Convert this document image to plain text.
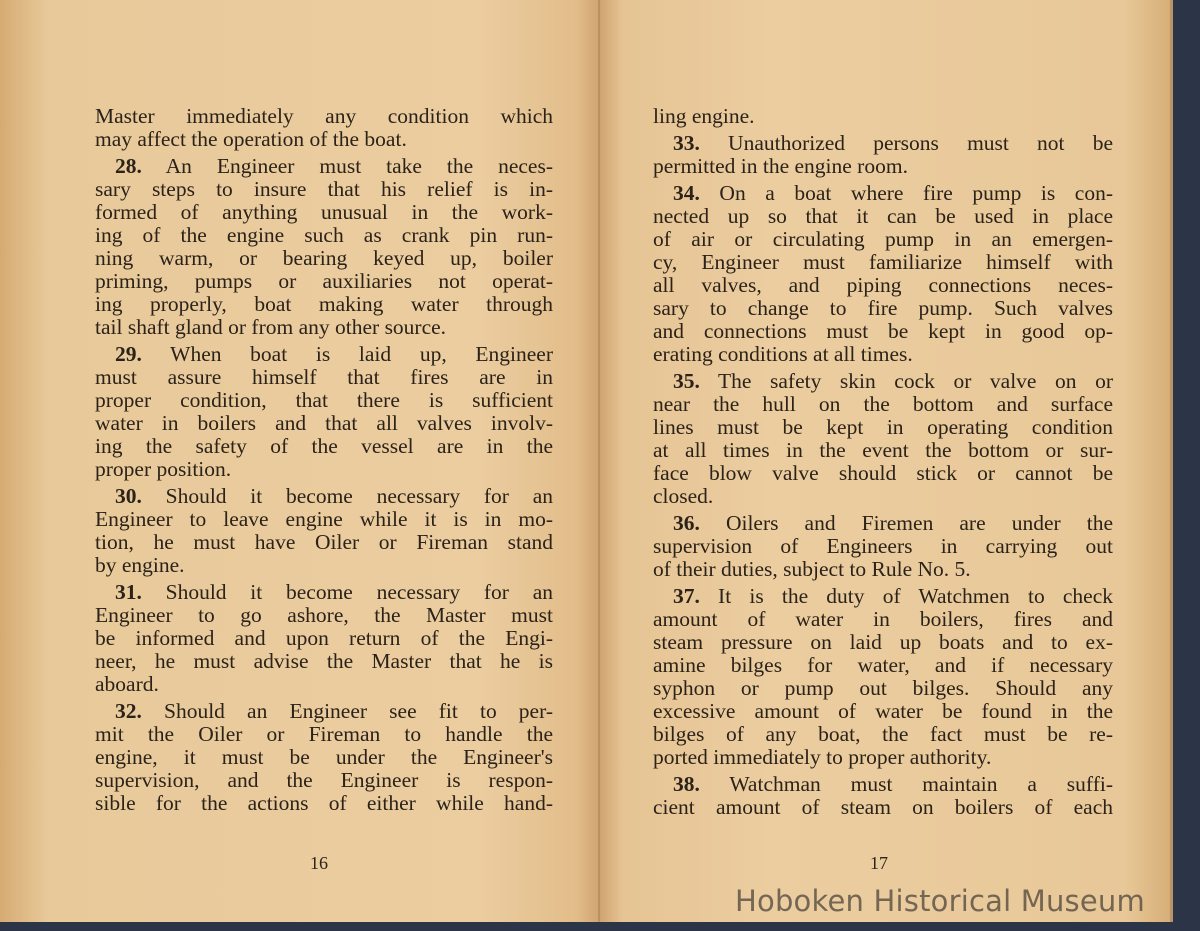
Master immediately any condition which
may affect the operation of the boat.
28. An Engineer must take the neces-
sary steps to insure that his relief is in-
formed of anything unusual in the work-
ing of the engine such as crank pin run-
ning warm, or bearing keyed up, boiler
priming, pumps or auxiliaries not operat-
ing properly, boat making water through
tail shaft gland or from any other source.
29. When boat is laid up, Engineer
must assure himself that fires are in
proper condition, that there is sufficient
water in boilers and that all valves involv-
ing the safety of the vessel are in the
proper position.
30. Should it become necessary for an
Engineer to leave engine while it is in mo-
tion, he must have Oiler or Fireman stand
by engine.
31. Should it become necessary for an
Engineer to go ashore, the Master must
be informed and upon return of the Engi-
neer, he must advise the Master that he is
aboard.
32. Should an Engineer see fit to per-
mit the Oiler or Fireman to handle the
engine, it must be under the Engineer's
supervision, and the Engineer is respon-
sible for the actions of either while hand-
16
ling engine.
33. Unauthorized persons must not be
permitted in the engine room.
34. On a boat where fire pump is con-
nected up so that it can be used in place
of air or circulating pump in an emergen-
cy, Engineer must familiarize himself with
all valves, and piping connections neces-
sary to change to fire pump. Such valves
and connections must be kept in good op-
erating conditions at all times.
35. The safety skin cock or valve on or
near the hull on the bottom and surface
lines must be kept in operating condition
at all times in the event the bottom or sur-
face blow valve should stick or cannot be
closed.
36. Oilers and Firemen are under the
supervision of Engineers in carrying out
of their duties, subject to Rule No. 5.
37. It is the duty of Watchmen to check
amount of water in boilers, fires and
steam pressure on laid up boats and to ex-
amine bilges for water, and if necessary
syphon or pump out bilges. Should any
excessive amount of water be found in the
bilges of any boat, the fact must be re-
ported immediately to proper authority.
38. Watchman must maintain a suffi-
cient amount of steam on boilers of each
17
Hoboken Historical Museum
